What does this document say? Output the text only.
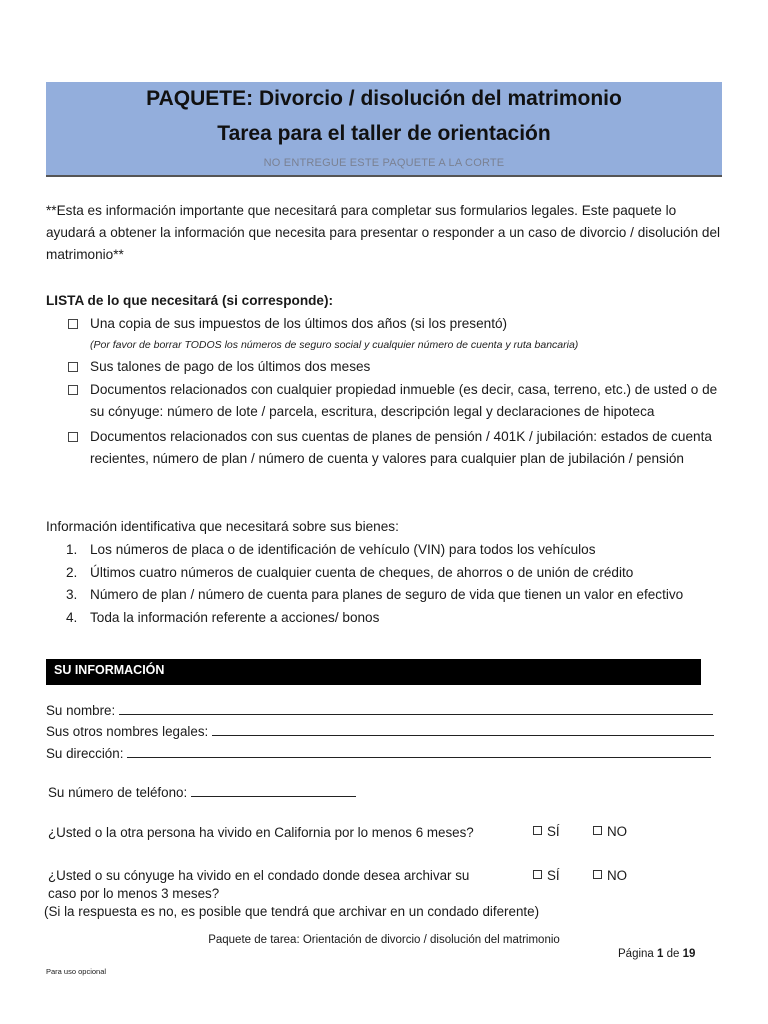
PAQUETE: Divorcio / disolución del matrimonio
Tarea para el taller de orientación
NO ENTREGUE ESTE PAQUETE A LA CORTE
**Esta es información importante que necesitará para completar sus formularios legales. Este paquete lo ayudará a obtener la información que necesita para presentar o responder a un caso de divorcio / disolución del matrimonio**
LISTA de lo que necesitará (si corresponde):
Una copia de sus impuestos de los últimos dos años (si los presentó)
(Por favor de borrar TODOS los números de seguro social y cualquier número de cuenta y ruta bancaria)
Sus talones de pago de los últimos dos meses
Documentos relacionados con cualquier propiedad inmueble (es decir, casa, terreno, etc.) de usted o de su cónyuge: número de lote / parcela, escritura, descripción legal y declaraciones de hipoteca
Documentos relacionados con sus cuentas de planes de pensión / 401K / jubilación: estados de cuenta recientes, número de plan / número de cuenta y valores para cualquier plan de jubilación / pensión
Información identificativa que necesitará sobre sus bienes:
1. Los números de placa o de identificación de vehículo (VIN) para todos los vehículos
2. Últimos cuatro números de cualquier cuenta de cheques, de ahorros o de unión de crédito
3. Número de plan / número de cuenta para planes de seguro de vida que tienen un valor en efectivo
4. Toda la información referente a acciones/ bonos
SU INFORMACIÓN
Su nombre:
Sus otros nombres legales:
Su dirección:
Su número de teléfono:
¿Usted o la otra persona ha vivido en California por lo menos 6 meses?	SÍ	NO
¿Usted o su cónyuge ha vivido en el condado donde desea archivar su
caso por lo menos 3 meses?
SÍ	NO
(Si la respuesta es no, es posible que tendrá que archivar en un condado diferente)
Paquete de tarea: Orientación de divorcio / disolución del matrimonio
Página 1 de 19
Para uso opcional
